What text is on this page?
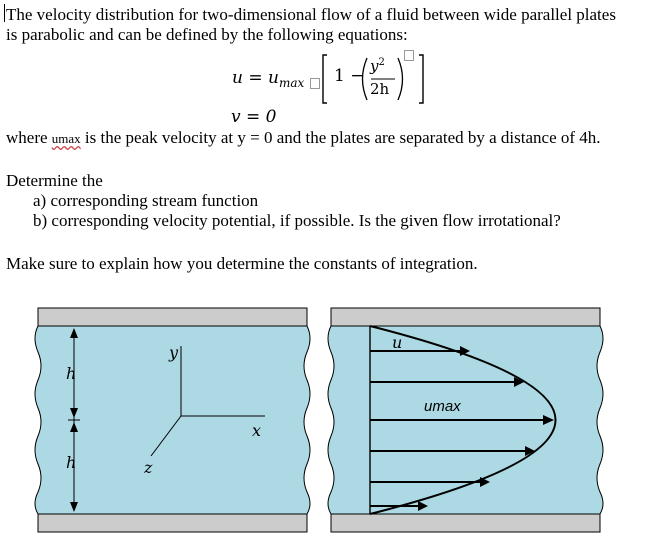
The velocity distribution for two-dimensional flow of a fluid between wide parallel plates
is parabolic and can be defined by the following equations:
$u = u_{max}$ $1 - y^2$
2h
v = 0
where umax is the peak velocity at y = 0 and the plates are separated by a distance of 4h.
Determine the
a) corresponding stream function
b) corresponding velocity potential, if possible. Is the given flow irrotational?
Make sure to explain how you determine the constants of integration.
h
h
y
x
z
u
umax
